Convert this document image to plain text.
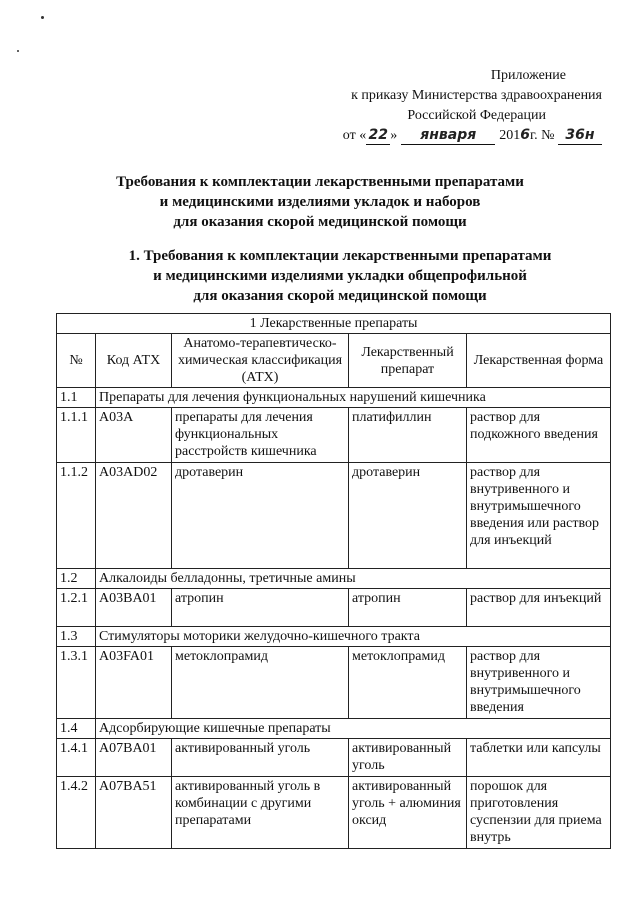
Приложение
к приказу Министерства здравоохранения
Российской Федерации
от « 22 » января 2016г. № 36н
Требования к комплектации лекарственными препаратами
и медицинскими изделиями укладок и наборов
для оказания скорой медицинской помощи
1. Требования к комплектации лекарственными препаратами
и медицинскими изделиями укладки общепрофильной
для оказания скорой медицинской помощи
1 Лекарственные препараты				
№	Код АТХ	Анатомо-терапевтическо-химическая классификация (АТХ)	Лекарственный препарат	Лекарственная форма
1.1	Препараты для лечения функциональных нарушений кишечника			
1.1.1	A03A	препараты для лечения функциональных расстройств кишечника	платифиллин	раствор для подкожного введения
1.1.2	A03AD02	дротаверин	дротаверин	раствор для внутривенного и внутримышечного введения или раствор для инъекций
1.2	Алкалоиды белладонны, третичные амины			
1.2.1	A03BA01	атропин	атропин	раствор для инъекций
1.3	Стимуляторы моторики желудочно-кишечного тракта			
1.3.1	A03FA01	метоклопрамид	метоклопрамид	раствор для внутривенного и внутримышечного введения
1.4	Адсорбирующие кишечные препараты			
1.4.1	A07BA01	активированный уголь	активированный уголь	таблетки или капсулы
1.4.2	A07BA51	активированный уголь в комбинации с другими препаратами	активированный уголь + алюминия оксид	порошок для приготовления суспензии для приема внутрь
